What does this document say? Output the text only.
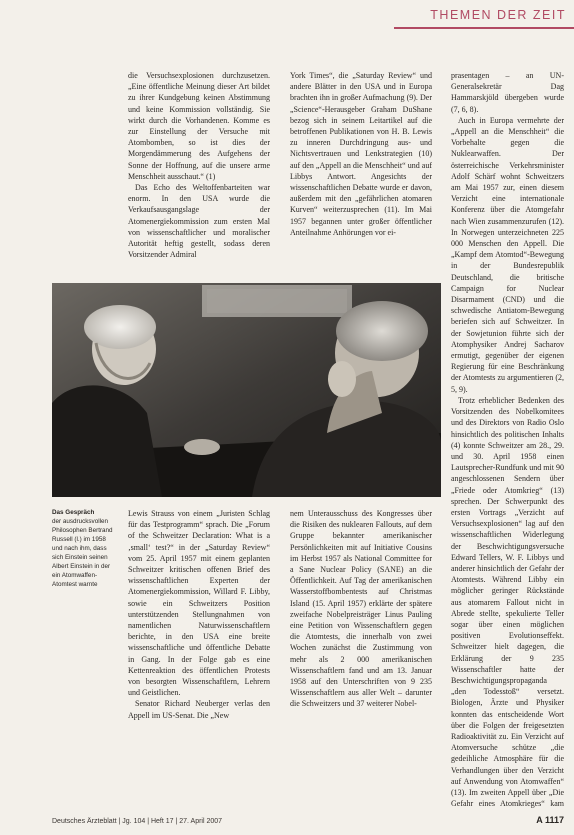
THEMEN DER ZEIT

die Versuchsexplosionen durchzusetzen. „Eine öffentliche Meinung dieser Art bildet zu ihrer Kundgebung keinen Abstimmung und keine Kommission vollständig. Sie wirkt durch die Vorhandenen. Komme es zur Einstellung der Versuche mit Atombomben, so ist dies der Morgendämmerung des Aufgehens der Sonne der Hoffnung, auf die unsere arme Menschheit ausschaut.“ (1)

Das Echo des Weltoffenbarteiten war enorm. In den USA wurde die Verkaufsausgangslage der Atomenergiekommission zum ersten Mal von wissenschaftlicher und moralischer Autorität heftig gestellt, sodass deren Vorsitzender Admiral

York Times“, die „Saturday Review“ und andere Blätter in den USA und in Europa brachten ihn in großer Aufmachung (9). Der „Science“-Herausgeber Graham DuShane bezog sich in seinem Leitartikel auf die betroffenen Publikationen von H. B. Lewis zu inneren Durchdringung aus- und Nichtsvertrauen und Lenkstrategien (10) auf den „Appell an die Menschheit“ und auf Libbys Antwort. Angesichts der wissenschaftlichen Debatte wurde er davon, außerdem mit den „gefährlichen atomaren Kurven“ weiterzusprechen (11). Im Mai 1957 begannen unter großer öffentlicher Anteilnahme Anhörungen vor ei-

prasentagen – an UN-Generalsekretär Dag Hammarskjöld übergeben wurde (7, 6, 8).

Auch in Europa vermehrte der „Appell an die Menschheit“ die Vorbehalte gegen die Nuklearwaffen. Der österreichische Verkehrsminister Adolf Schärf wohnt Schweitzers am Mai 1957 zur, einen diesem Verzicht eine internationale Konferenz über die Atomgefahr nach Wien zusammenzurufen (12). In Norwegen unterzeichneten 225 000 Menschen den Appell. Die „Kampf dem Atomtod“-Bewegung in der Bundesrepublik Deutschland, die britische Campaign for Nuclear Disarmament (CND) und die schwedische Antiatom-Bewegung beriefen sich auf Schweitzer. In der Sowjetunion führte sich der Atomphysiker Andrej Sacharov ermutigt, gegenüber der eigenen Regierung für eine Beschränkung der Atomtests zu argumentieren (2, 5, 9).

Trotz erheblicher Bedenken des Vorsitzenden des Nobelkomitees und des Direktors von Radio Oslo hinsichtlich des politischen Inhalts (4) konnte Schweitzer am 28., 29. und 30. April 1958 einen Lautsprecher-Rundfunk und mit 90 angeschlossenen Sendern über „Friede oder Atomkrieg“ (13) sprechen. Der Schwerpunkt des ersten Vortrags „Verzicht auf Versuchsexplosionen“ lag auf den wissenschaftlichen Widerlegung der Beschwichtigungsversuche Edward Tellers, W. F. Libbys und anderer hinsichtlich der Gefahr der Atomtests. Während Libby ein möglicher geringer Rückstände aus atomarem Fallout nicht in Abrede stellte, spekulierte Teller sogar über einen möglichen positiven Evolutionseffekt. Schweitzer hielt dagegen, die Erklärung der 9 235 Wissenschaftler hatte der Beschwichtigungspropaganda „den Todesstoß“ versetzt. Biologen, Ärzte und Physiker konnten das entscheidende Wort über die Folgen der freigesetzten Radioaktivität zu. Ein Verzicht auf Atomversuche schütze „die gedeihliche Atmosphäre für die Verhandlungen über den Verzicht auf Anwendung von Atomwaffen“ (13). Im zweiten Appell über „Die Gefahr eines Atomkrieges“ kam

Das Gespräch
der ausdrucksvollen Philosophen Bertrand Russell (l.) im 1958 und nach ihm, dass sich Einstein seinen Albert Einstein in der ein Atomwaffen-Atomtest warnte

Lewis Strauss von einem „Juristen Schlag für das Testprogramm“ sprach. Die „Forum of the Schweitzer Declaration: What is a ‚small‘ test?“ in der „Saturday Review“ vom 25. April 1957 mit einem geplanten Schweitzer kritischen offenen Brief des wissenschaftlichen Experten der Atomenergiekommission, Willard F. Libby, sowie ein Schweitzers Position unterstützenden Stellungnahmen von namentlichen Naturwissenschaftlern berichte, in den USA eine breite wissenschaftliche und öffentliche Debatte in Gang. In der Folge gab es eine Kettenreaktion des öffentlichen Protests von besorgten Wissenschaftlern, Lehrern und Geistlichen.

Senator Richard Neuberger verlas den Appell im US-Senat. Die „New

nem Unterausschuss des Kongresses über die Risiken des nuklearen Fallouts, auf dem Gruppe bekannter amerikanischer Persönlichkeiten mit auf Initiative Cousins im Herbst 1957 als National Committee for a Sane Nuclear Policy (SANE) an die Öffentlichkeit. Auf Tag der amerikanischen Wasserstoffbombentests auf Christmas Island (15. April 1957) erklärte der spätere zweifache Nobelpreisträger Linus Pauling eine Petition von Wissenschaftlern gegen die Atomtests, die innerhalb von zwei Wochen zunächst die Zustimmung von mehr als 2 000 amerikanischen Wissenschaftlern fand und am 13. Januar 1958 auf den Unterschriften von 9 235 Wissenschaftlern aus aller Welt – darunter die Schweitzers und 37 weiterer Nobel-

Deutsches Ärzteblatt | Jg. 104 | Heft 17 | 27. April 2007	A 1117
